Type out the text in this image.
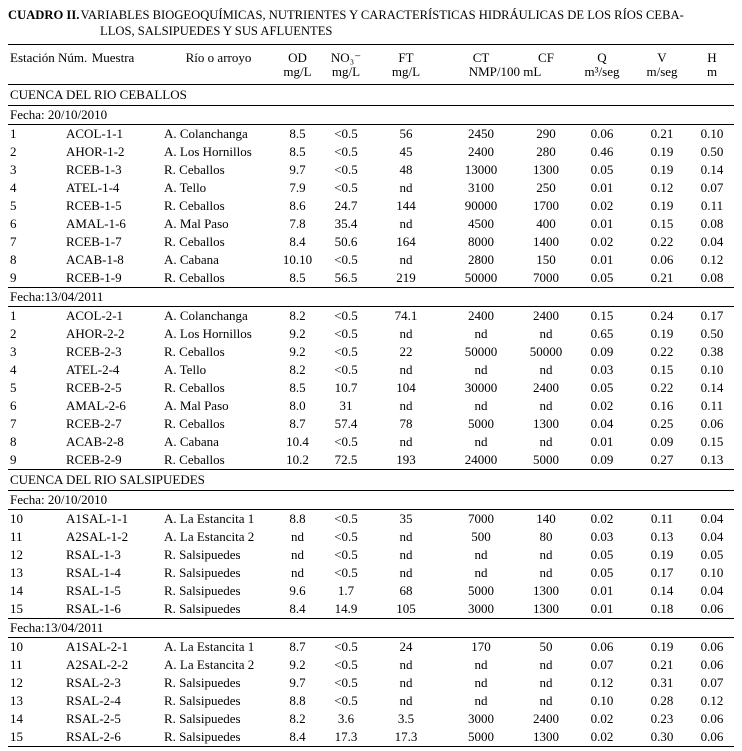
CUADRO II. VARIABLES BIOGEOQUÍMICAS, NUTRIENTES Y CARACTERÍSTICAS HIDRÁULICAS DE LOS RÍOS CEBA-
LLOS, SALSIPUEDES Y SUS AFLUENTES
Estación Núm.	Muestra	Río o arroyo	OD	NO₃⁻	FT	CT	CF	Q	V	H
			mg/L	mg/L	mg/L	NMP/100 mL		m³/seg	m/seg	m
CUENCA DEL RIO CEBALLOS										
Fecha: 20/10/2010										
1	ACOL-1-1	A. Colanchanga	8.5	<0.5	56	2450	290	0.06	0.21	0.10
2	AHOR-1-2	A. Los Hornillos	8.5	<0.5	45	2400	280	0.46	0.19	0.50
3	RCEB-1-3	R. Ceballos	9.7	<0.5	48	13000	1300	0.05	0.19	0.14
4	ATEL-1-4	A. Tello	7.9	<0.5	nd	3100	250	0.01	0.12	0.07
5	RCEB-1-5	R. Ceballos	8.6	24.7	144	90000	1700	0.02	0.19	0.11
6	AMAL-1-6	A. Mal Paso	7.8	35.4	nd	4500	400	0.01	0.15	0.08
7	RCEB-1-7	R. Ceballos	8.4	50.6	164	8000	1400	0.02	0.22	0.04
8	ACAB-1-8	A. Cabana	10.10	<0.5	nd	2800	150	0.01	0.06	0.12
9	RCEB-1-9	R. Ceballos	8.5	56.5	219	50000	7000	0.05	0.21	0.08
Fecha:13/04/2011										
1	ACOL-2-1	A. Colanchanga	8.2	<0.5	74.1	2400	2400	0.15	0.24	0.17
2	AHOR-2-2	A. Los Hornillos	9.2	<0.5	nd	nd	nd	0.65	0.19	0.50
3	RCEB-2-3	R. Ceballos	9.2	<0.5	22	50000	50000	0.09	0.22	0.38
4	ATEL-2-4	A. Tello	8.2	<0.5	nd	nd	nd	0.03	0.15	0.10
5	RCEB-2-5	R. Ceballos	8.5	10.7	104	30000	2400	0.05	0.22	0.14
6	AMAL-2-6	A. Mal Paso	8.0	31	nd	nd	nd	0.02	0.16	0.11
7	RCEB-2-7	R. Ceballos	8.7	57.4	78	5000	1300	0.04	0.25	0.06
8	ACAB-2-8	A. Cabana	10.4	<0.5	nd	nd	nd	0.01	0.09	0.15
9	RCEB-2-9	R. Ceballos	10.2	72.5	193	24000	5000	0.09	0.27	0.13
CUENCA DEL RIO SALSIPUEDES										
Fecha: 20/10/2010										
10	A1SAL-1-1	A. La Estancita 1	8.8	<0.5	35	7000	140	0.02	0.11	0.04
11	A2SAL-1-2	A. La Estancita 2	nd	<0.5	nd	500	80	0.03	0.13	0.04
12	RSAL-1-3	R. Salsipuedes	nd	<0.5	nd	nd	nd	0.05	0.19	0.05
13	RSAL-1-4	R. Salsipuedes	nd	<0.5	nd	nd	nd	0.05	0.17	0.10
14	RSAL-1-5	R. Salsipuedes	9.6	1.7	68	5000	1300	0.01	0.14	0.04
15	RSAL-1-6	R. Salsipuedes	8.4	14.9	105	3000	1300	0.01	0.18	0.06
Fecha:13/04/2011										
10	A1SAL-2-1	A. La Estancita 1	8.7	<0.5	24	170	50	0.06	0.19	0.06
11	A2SAL-2-2	A. La Estancita 2	9.2	<0.5	nd	nd	nd	0.07	0.21	0.06
12	RSAL-2-3	R. Salsipuedes	9.7	<0.5	nd	nd	nd	0.12	0.31	0.07
13	RSAL-2-4	R. Salsipuedes	8.8	<0.5	nd	nd	nd	0.10	0.28	0.12
14	RSAL-2-5	R. Salsipuedes	8.2	3.6	3.5	3000	2400	0.02	0.23	0.06
15	RSAL-2-6	R. Salsipuedes	8.4	17.3	17.3	5000	1300	0.02	0.30	0.06
